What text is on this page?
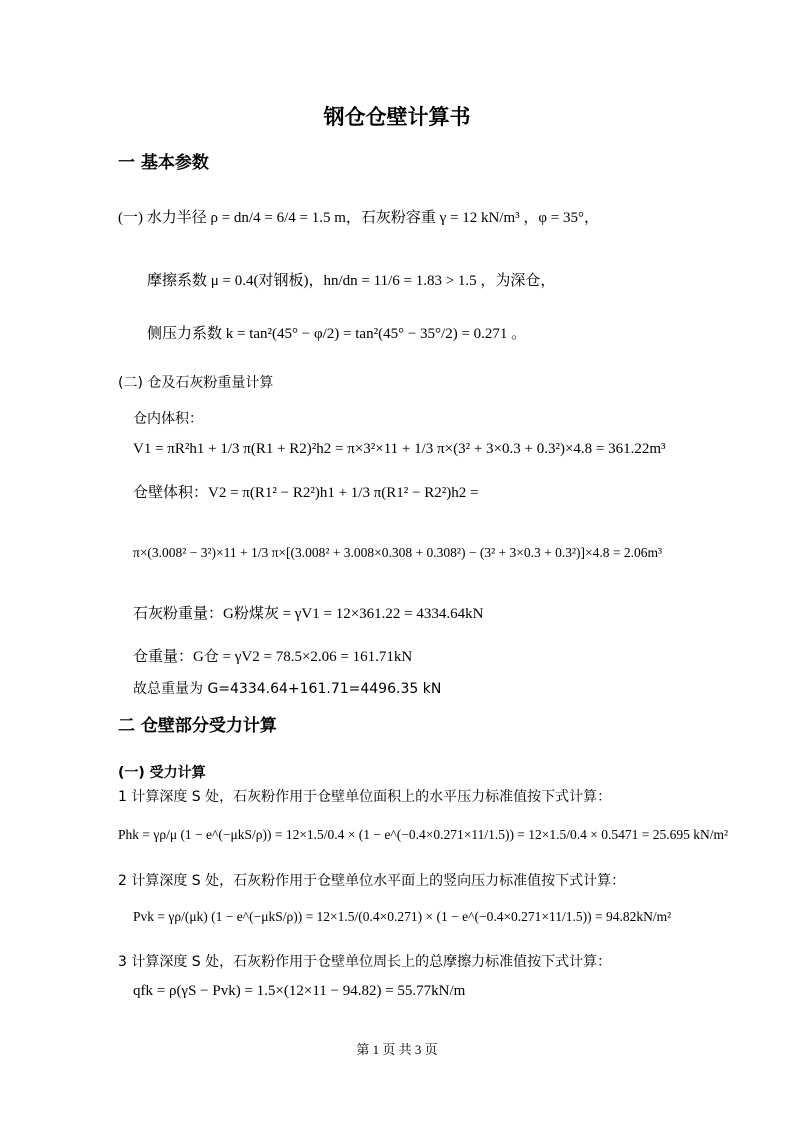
钢仓仓壁计算书
一 基本参数
(一) 水力半径 ρ = dn/4 = 6/4 = 1.5 m，石灰粉容重 γ = 12 kN/m³ ，φ = 35°，
摩擦系数 μ = 0.4(对钢板)，hn/dn = 11/6 = 1.83 > 1.5 ，为深仓，
侧压力系数 k = tan²(45° − φ/2) = tan²(45° − 35°/2) = 0.271 。
(二) 仓及石灰粉重量计算
仓内体积：
V1 = πR²h1 + 1/3 π(R1 + R2)²h2 = π×3²×11 + 1/3 π×(3² + 3×0.3 + 0.3²)×4.8 = 361.22m³
仓壁体积：V2 = π(R1² − R2²)h1 + 1/3 π(R1² − R2²)h2 =
π×(3.008² − 3²)×11 + 1/3 π×[(3.008² + 3.008×0.308 + 0.308²) − (3² + 3×0.3 + 0.3²)]×4.8 = 2.06m³
石灰粉重量：G粉煤灰 = γV1 = 12×361.22 = 4334.64kN
仓重量：G仓 = γV2 = 78.5×2.06 = 161.71kN
故总重量为 G=4334.64+161.71=4496.35 kN
二 仓壁部分受力计算
(一) 受力计算
1 计算深度 S 处，石灰粉作用于仓壁单位面积上的水平压力标准值按下式计算：
Phk = γρ/μ (1 − e^(−μkS/ρ)) = 12×1.5/0.4 × (1 − e^(−0.4×0.271×11/1.5)) = 12×1.5/0.4 × 0.5471 = 25.695 kN/m²
2 计算深度 S 处，石灰粉作用于仓壁单位水平面上的竖向压力标准值按下式计算：
Pvk = γρ/(μk) (1 − e^(−μkS/ρ)) = 12×1.5/(0.4×0.271) × (1 − e^(−0.4×0.271×11/1.5)) = 94.82kN/m²
3 计算深度 S 处，石灰粉作用于仓壁单位周长上的总摩擦力标准值按下式计算：
qfk = ρ(γS − Pvk) = 1.5×(12×11 − 94.82) = 55.77kN/m
第 1 页 共 3 页
